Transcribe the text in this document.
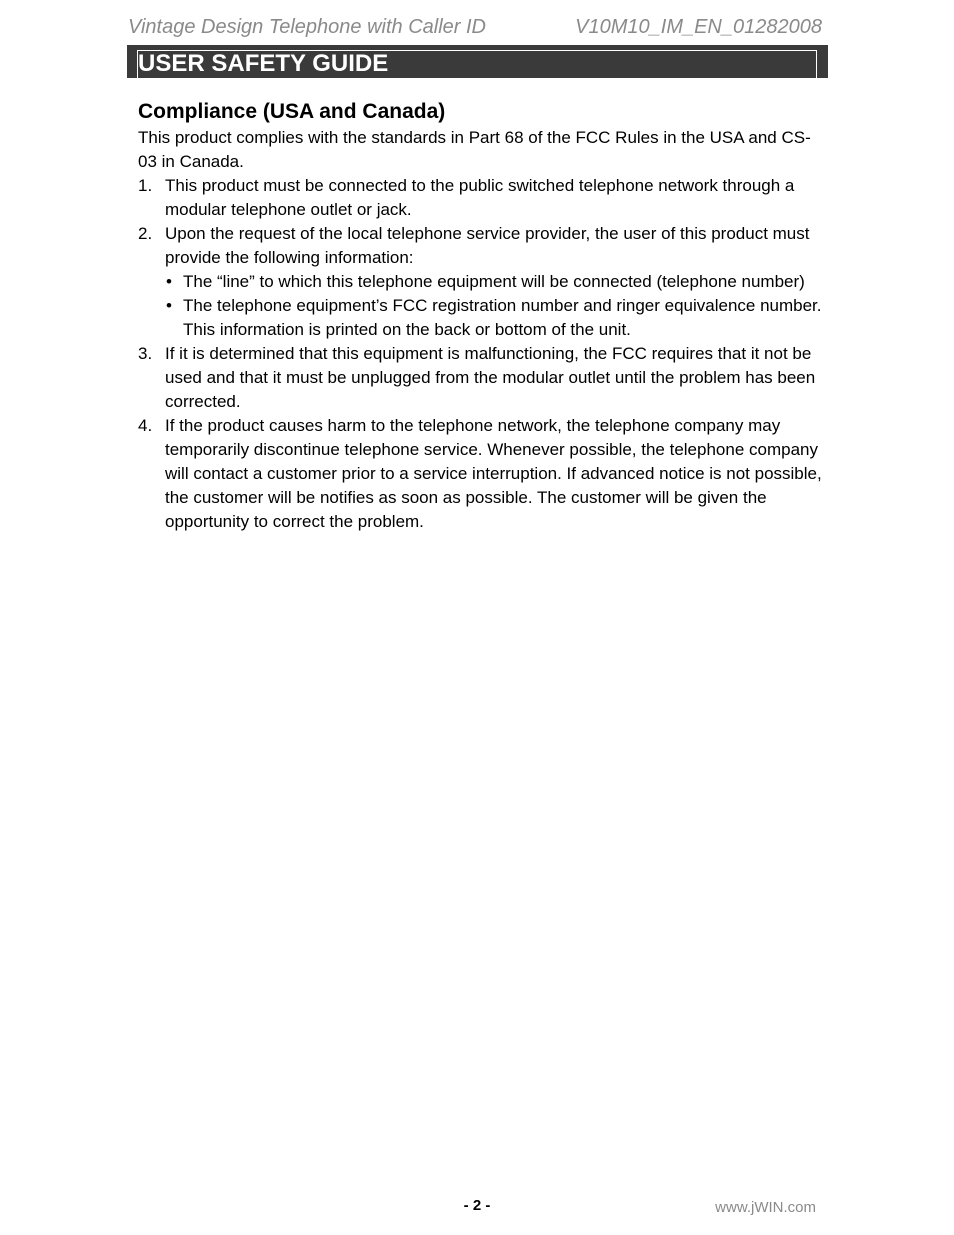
Vintage Design Telephone with Caller ID	V10M10_IM_EN_01282008
USER SAFETY GUIDE
Compliance (USA and Canada)

This product complies with the standards in Part 68 of the FCC Rules in the USA and CS-03 in Canada.

1. This product must be connected to the public switched telephone network through a modular telephone outlet or jack.
2. Upon the request of the local telephone service provider, the user of this product must provide the following information:
• The “line” to which this telephone equipment will be connected (telephone number)
• The telephone equipment’s FCC registration number and ringer equivalence number. This information is printed on the back or bottom of the unit.
3. If it is determined that this equipment is malfunctioning, the FCC requires that it not be used and that it must be unplugged from the modular outlet until the problem has been corrected.
4. If the product causes harm to the telephone network, the telephone company may temporarily discontinue telephone service. Whenever possible, the telephone company will contact a customer prior to a service interruption. If advanced notice is not possible, the customer will be notifies as soon as possible. The customer will be given the opportunity to correct the problem.
- 2 -	www.jWIN.com
